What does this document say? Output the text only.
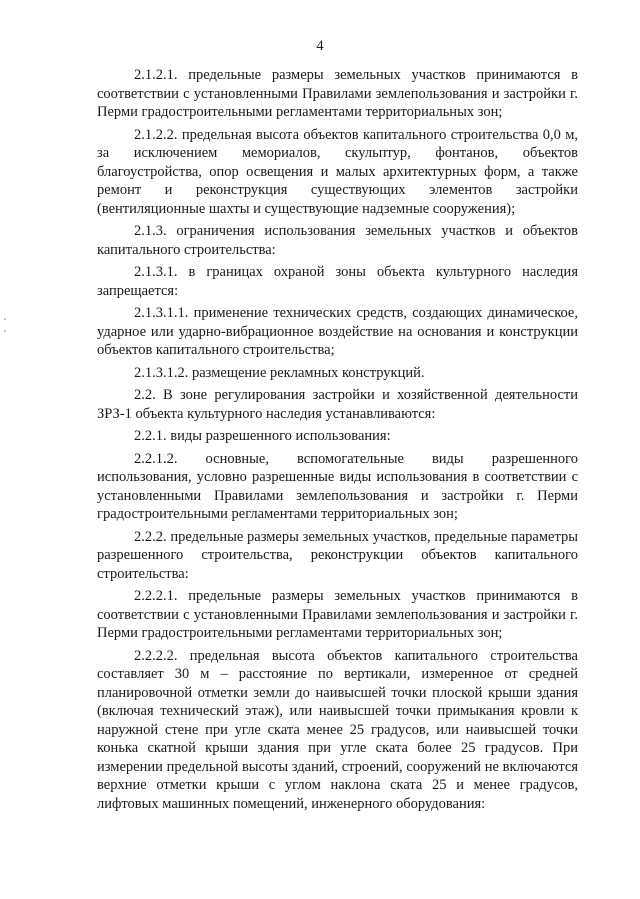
4

2.1.2.1. предельные размеры земельных участков принимаются в соответствии с установленными Правилами землепользования и застройки г. Перми градостроительными регламентами территориальных зон;

2.1.2.2. предельная высота объектов капитального строительства 0,0 м, за исключением мемориалов, скульптур, фонтанов, объектов благоустройства, опор освещения и малых архитектурных форм, а также ремонт и реконструкция существующих элементов застройки (вентиляционные шахты и существующие надземные сооружения);

2.1.3. ограничения использования земельных участков и объектов капитального строительства:

2.1.3.1. в границах охраной зоны объекта культурного наследия запрещается:

2.1.3.1.1. применение технических средств, создающих динамическое, ударное или ударно-вибрационное воздействие на основания и конструкции объектов капитального строительства;

2.1.3.1.2. размещение рекламных конструкций.

2.2. В зоне регулирования застройки и хозяйственной деятельности ЗРЗ-1 объекта культурного наследия устанавливаются:

2.2.1. виды разрешенного использования:

2.2.1.2. основные, вспомогательные виды разрешенного использования, условно разрешенные виды использования в соответствии с установленными Правилами землепользования и застройки г. Перми градостроительными регламентами территориальных зон;

2.2.2. предельные размеры земельных участков, предельные параметры разрешенного строительства, реконструкции объектов капитального строительства:

2.2.2.1. предельные размеры земельных участков принимаются в соответствии с установленными Правилами землепользования и застройки г. Перми градостроительными регламентами территориальных зон;

2.2.2.2. предельная высота объектов капитального строительства составляет 30 м – расстояние по вертикали, измеренное от средней планировочной отметки земли до наивысшей точки плоской крыши здания (включая технический этаж), или наивысшей точки примыкания кровли к наружной стене при угле ската менее 25 градусов, или наивысшей точки конька скатной крыши здания при угле ската более 25 градусов. При измерении предельной высоты зданий, строений, сооружений не включаются верхние отметки крыши с углом наклона ската 25 и менее градусов, лифтовых машинных помещений, инженерного оборудования:
